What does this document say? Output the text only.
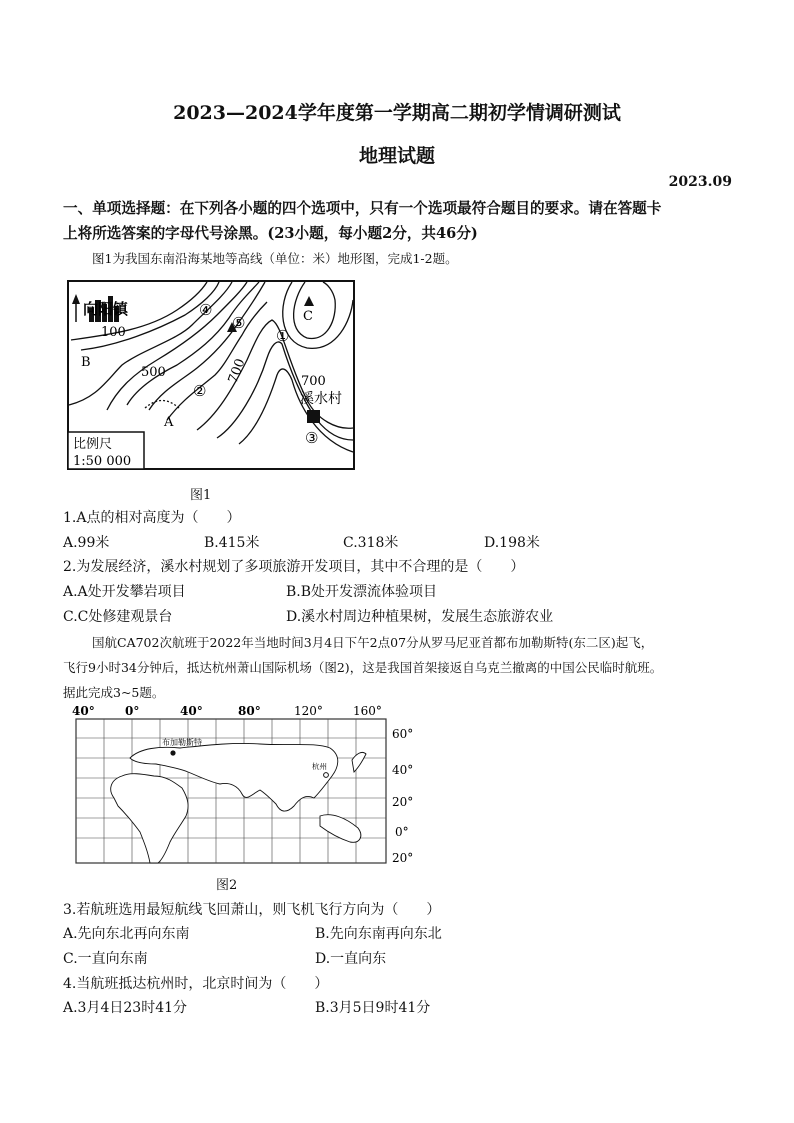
2023—2024学年度第一学期高二期初学情调研测试
地理试题
2023.09
一、单项选择题：在下列各小题的四个选项中，只有一个选项最符合题目的要求。请在答题卡
上将所选答案的字母代号涂黑。(23小题，每小题2分，共46分)
图1为我国东南沿海某地等高线（单位：米）地形图，完成1-2题。
向阳镇
100
500	700	700
溪水村
A
B
C
①
②
③
④
⑤
比例尺
1:50 000
图1
1.A点的相对高度为（　　）
A.99米	B.415米	C.318米	D.198米
2.为发展经济，溪水村规划了多项旅游开发项目，其中不合理的是（　　）
A.A处开发攀岩项目	B.B处开发漂流体验项目
C.C处修建观景台	D.溪水村周边种植果树，发展生态旅游农业
国航CA702次航班于2022年当地时间3月4日下午2点07分从罗马尼亚首都布加勒斯特(东二区)起飞，
飞行9小时34分钟后，抵达杭州萧山国际机场（图2)，这是我国首架接返自乌克兰撤离的中国公民临时航班。
据此完成3~5题。
40°	0°	40°	80°	120°	160°
布加勒斯特
杭州
60°
40°
20°
0°
20°
图2
3.若航班选用最短航线飞回萧山，则飞机飞行方向为（　　）
A.先向东北再向东南	B.先向东南再向东北
C.一直向东南	D.一直向东
4.当航班抵达杭州时，北京时间为（　　）
A.3月4日23时41分	B.3月5日9时41分
